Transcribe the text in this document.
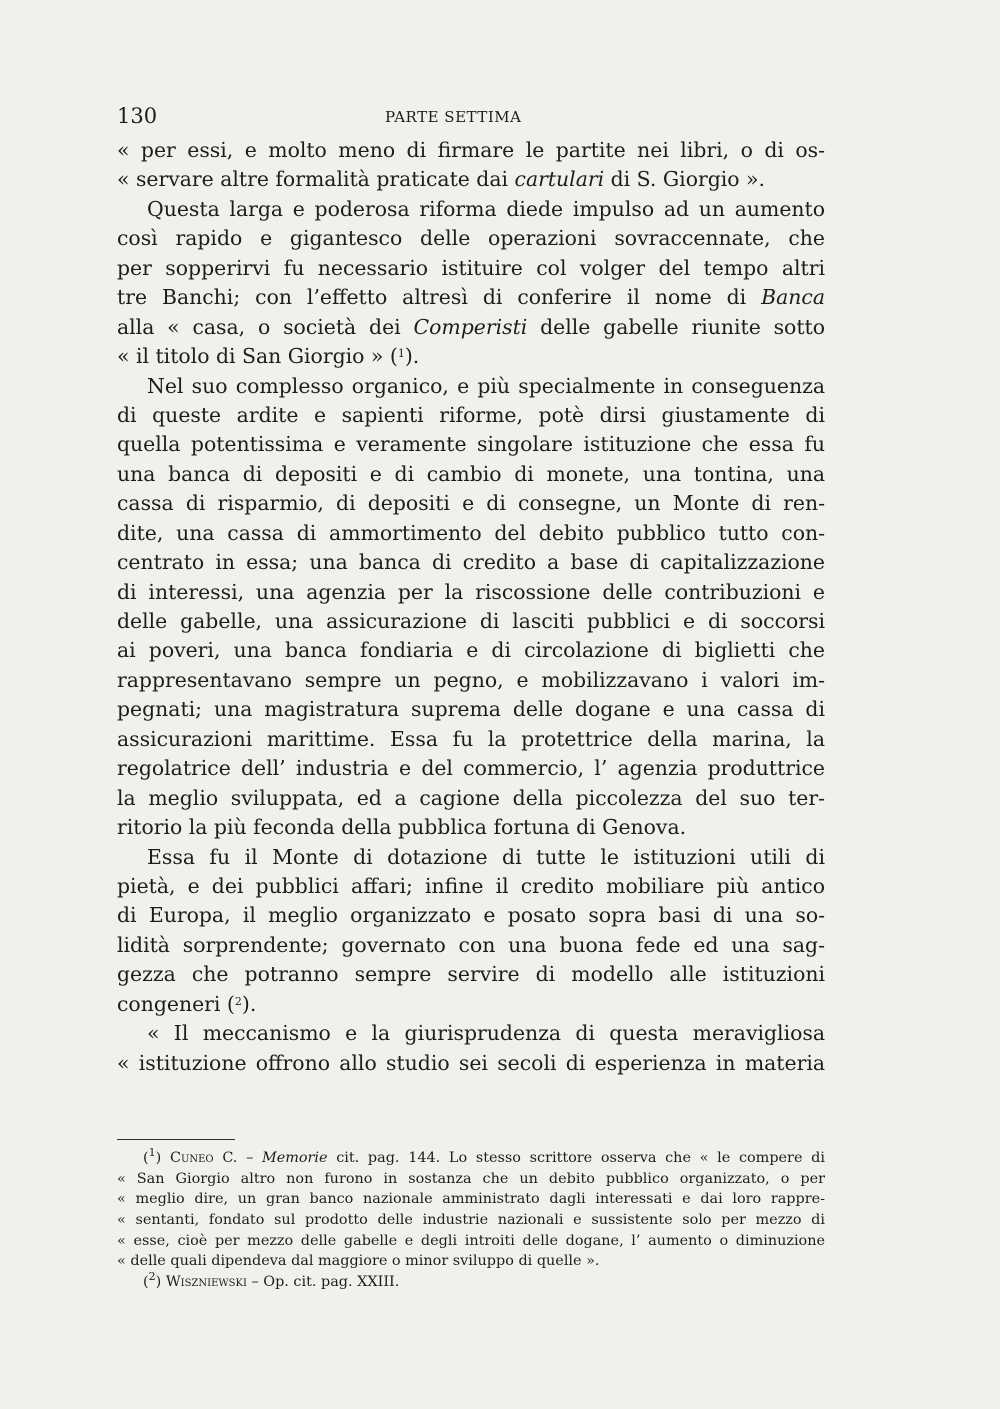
130	PARTE SETTIMA
« per essi, e molto meno di firmare le partite nei libri, o di os-
« servare altre formalità praticate dai cartulari di S. Giorgio ».
Questa larga e poderosa riforma diede impulso ad un aumento
così rapido e gigantesco delle operazioni sovraccennate, che
per sopperirvi fu necessario istituire col volger del tempo altri
tre Banchi; con l’effetto altresì di conferire il nome di Banca
alla « casa, o società dei Comperisti delle gabelle riunite sotto
« il titolo di San Giorgio » ($^1$).
Nel suo complesso organico, e più specialmente in conseguenza
di queste ardite e sapienti riforme, potè dirsi giustamente di
quella potentissima e veramente singolare istituzione che essa fu
una banca di depositi e di cambio di monete, una tontina, una
cassa di risparmio, di depositi e di consegne, un Monte di ren-
dite, una cassa di ammortimento del debito pubblico tutto con-
centrato in essa; una banca di credito a base di capitalizzazione
di interessi, una agenzia per la riscossione delle contribuzioni e
delle gabelle, una assicurazione di lasciti pubblici e di soccorsi
ai poveri, una banca fondiaria e di circolazione di biglietti che
rappresentavano sempre un pegno, e mobilizzavano i valori im-
pegnati; una magistratura suprema delle dogane e una cassa di
assicurazioni marittime. Essa fu la protettrice della marina, la
regolatrice dell’ industria e del commercio, l’ agenzia produttrice
la meglio sviluppata, ed a cagione della piccolezza del suo ter-
ritorio la più feconda della pubblica fortuna di Genova.
Essa fu il Monte di dotazione di tutte le istituzioni utili di
pietà, e dei pubblici affari; infine il credito mobiliare più antico
di Europa, il meglio organizzato e posato sopra basi di una so-
lidità sorprendente; governato con una buona fede ed una sag-
gezza che potranno sempre servire di modello alle istituzioni
congeneri ($^2$).
« Il meccanismo e la giurisprudenza di questa meravigliosa
« istituzione offrono allo studio sei secoli di esperienza in materia
($^1$) Cuneo C. – Memorie cit. pag. 144. Lo stesso scrittore osserva che « le compere di
« San Giorgio altro non furono in sostanza che un debito pubblico organizzato, o per
« meglio dire, un gran banco nazionale amministrato dagli interessati e dai loro rappre-
« sentanti, fondato sul prodotto delle industrie nazionali e sussistente solo per mezzo di
« esse, cioè per mezzo delle gabelle e degli introiti delle dogane, l’ aumento o diminuzione
« delle quali dipendeva dal maggiore o minor sviluppo di quelle ».
($^2$) Wiszniewski – Op. cit. pag. XXIII.
